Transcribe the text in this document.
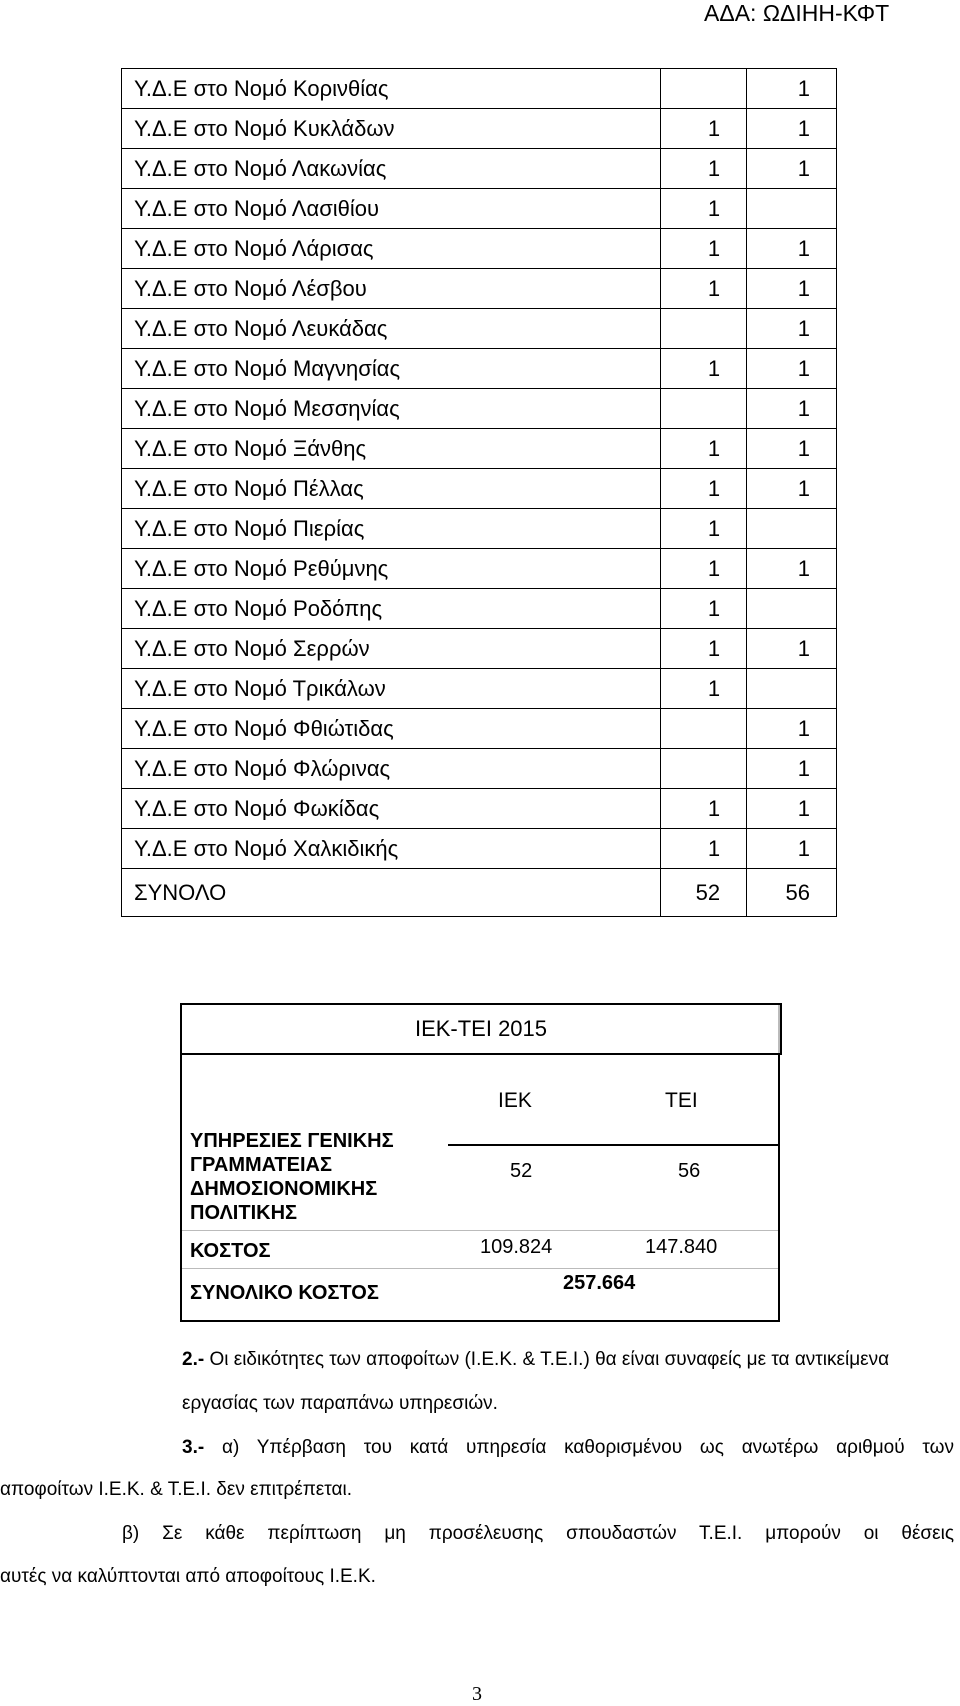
ΑΔΑ: ΩΔΙΗΗ-ΚΦΤ
Υ.Δ.Ε στο Νομό Κορινθίας		1
Υ.Δ.Ε στο Νομό Κυκλάδων	1	1
Υ.Δ.Ε στο Νομό Λακωνίας	1	1
Υ.Δ.Ε στο Νομό Λασιθίου	1	
Υ.Δ.Ε στο Νομό Λάρισας	1	1
Υ.Δ.Ε στο Νομό Λέσβου	1	1
Υ.Δ.Ε στο Νομό Λευκάδας		1
Υ.Δ.Ε στο Νομό Μαγνησίας	1	1
Υ.Δ.Ε στο Νομό Μεσσηνίας		1
Υ.Δ.Ε στο Νομό Ξάνθης	1	1
Υ.Δ.Ε στο Νομό Πέλλας	1	1
Υ.Δ.Ε στο Νομό Πιερίας	1	
Υ.Δ.Ε στο Νομό Ρεθύμνης	1	1
Υ.Δ.Ε στο Νομό Ροδόπης	1	
Υ.Δ.Ε στο Νομό Σερρών	1	1
Υ.Δ.Ε στο Νομό Τρικάλων	1	
Υ.Δ.Ε στο Νομό Φθιώτιδας		1
Υ.Δ.Ε στο Νομό Φλώρινας		1
Υ.Δ.Ε στο Νομό Φωκίδας	1	1
Υ.Δ.Ε στο Νομό Χαλκιδικής	1	1
ΣΥΝΟΛΟ	52	56
ΙΕΚ-ΤΕΙ 2015
ΙΕΚ	ΤΕΙ
ΥΠΗΡΕΣΙΕΣ ΓΕΝΙΚΗΣ
ΓΡΑΜΜΑΤΕΙΑΣ
ΔΗΜΟΣΙΟΝΟΜΙΚΗΣ
ΠΟΛΙΤΙΚΗΣ
52	56
ΚΟΣΤΟΣ	109.824	147.840
ΣΥΝΟΛΙΚΟ ΚΟΣΤΟΣ	257.664
2.- Οι ειδικότητες των αποφοίτων (Ι.Ε.Κ. & Τ.Ε.Ι.) θα είναι συναφείς με τα αντικείμενα
εργασίας των παραπάνω υπηρεσιών.
3.- α) Υπέρβαση του κατά υπηρεσία καθορισμένου ως ανωτέρω αριθμού των
αποφοίτων Ι.Ε.Κ. & Τ.Ε.Ι. δεν επιτρέπεται.
β) Σε κάθε περίπτωση μη προσέλευσης σπουδαστών Τ.Ε.Ι. μπορούν οι θέσεις
αυτές να καλύπτονται από αποφοίτους Ι.Ε.Κ.
3
